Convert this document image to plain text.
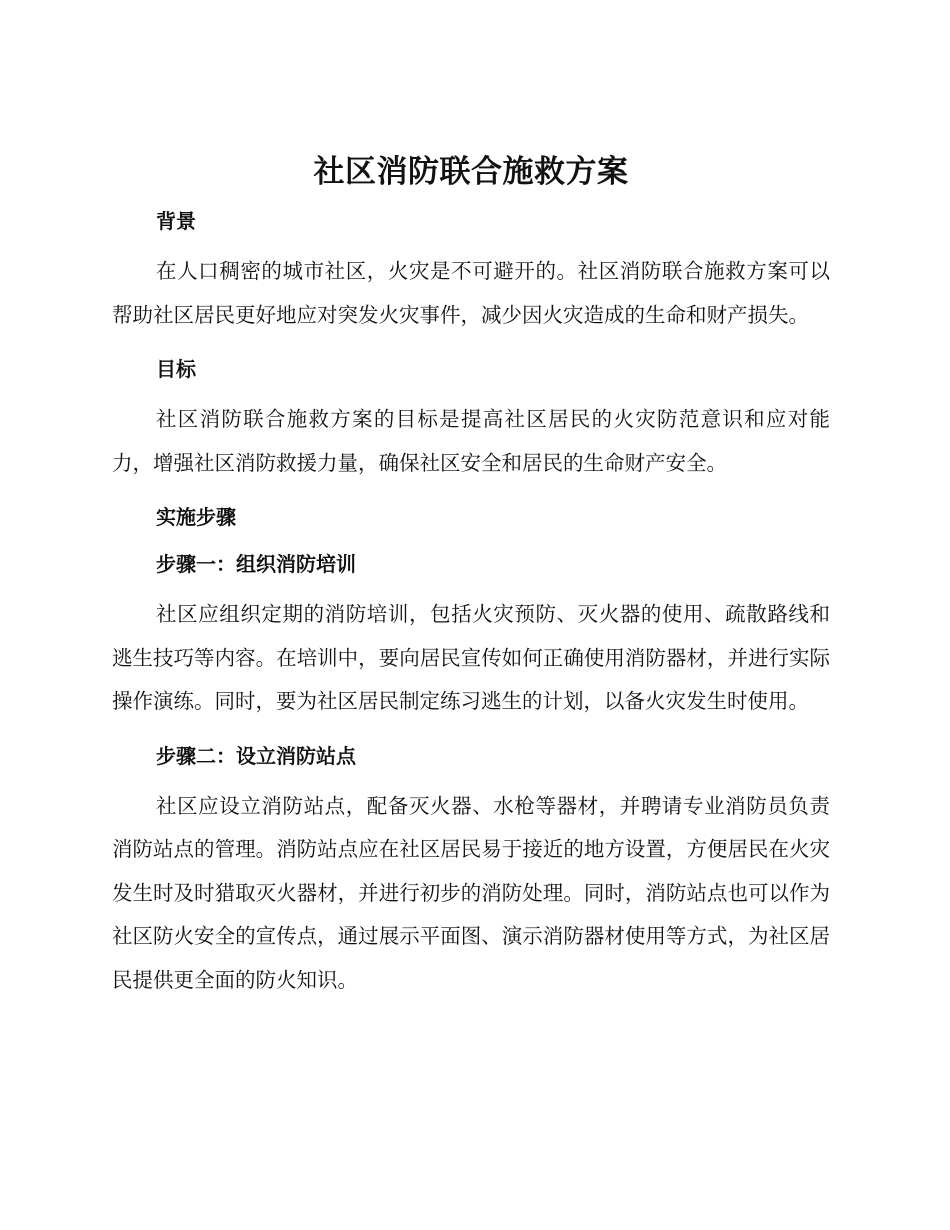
社区消防联合施救方案
背景

在人口稠密的城市社区，火灾是不可避开的。社区消防联合施救方案可以帮助社区居民更好地应对突发火灾事件，减少因火灾造成的生命和财产损失。

目标

社区消防联合施救方案的目标是提高社区居民的火灾防范意识和应对能力，增强社区消防救援力量，确保社区安全和居民的生命财产安全。

实施步骤
步骤一：组织消防培训

社区应组织定期的消防培训，包括火灾预防、灭火器的使用、疏散路线和逃生技巧等内容。在培训中，要向居民宣传如何正确使用消防器材，并进行实际操作演练。同时，要为社区居民制定练习逃生的计划，以备火灾发生时使用。

步骤二：设立消防站点

社区应设立消防站点，配备灭火器、水枪等器材，并聘请专业消防员负责消防站点的管理。消防站点应在社区居民易于接近的地方设置，方便居民在火灾发生时及时猎取灭火器材，并进行初步的消防处理。同时，消防站点也可以作为社区防火安全的宣传点，通过展示平面图、演示消防器材使用等方式，为社区居民提供更全面的防火知识。
